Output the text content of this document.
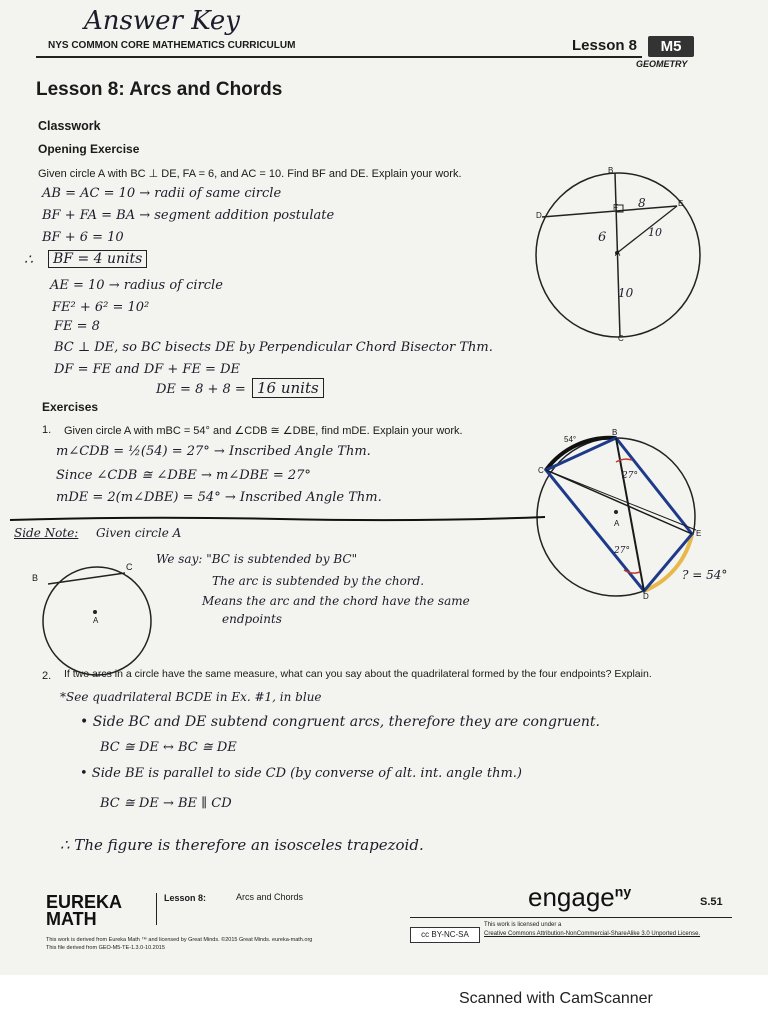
Answer Key
NYS COMMON CORE MATHEMATICS CURRICULUM	Lesson 8	M5
GEOMETRY
Lesson 8: Arcs and Chords
Classwork
Opening Exercise
Given circle A with BC ⊥ DE, FA = 6, and AC = 10. Find BF and DE. Explain your work.
AB = AC = 10 → radii of same circle
BF + FA = BA → segment addition postulate
BF + 6 = 10
∴	BF = 4 units
AE = 10 → radius of circle
FE² + 6² = 10²
FE = 8
BC ⊥ DE, so BC bisects DE by Perpendicular Chord Bisector Thm.
DF = FE and DF + FE = DE
DE = 8 + 8 = 16 units
B
D
F	E
A
C
8
6	10
10
Exercises
1. Given circle A with mBC = 54° and ∠CDB ≅ ∠DBE, find mDE. Explain your work.
m∠CDB = ½(54) = 27° → Inscribed Angle Thm.
Since ∠CDB ≅ ∠DBE → m∠DBE = 27°
mDE = 2(m∠DBE) = 54° → Inscribed Angle Thm.
B
C
A
E
D
54°
27°
27°
? = 54°
Side Note: Given circle A
We say: "BC is subtended by BC"
The arc is subtended by the chord.
Means the arc and the chord have the same
endpoints
B
C
A
2. If two arcs in a circle have the same measure, what can you say about the quadrilateral formed by the four endpoints? Explain.
*See quadrilateral BCDE in Ex. #1, in blue
• Side BC and DE subtend congruent arcs, therefore they are congruent.
BC ≅ DE ↔ BC ≅ DE
• Side BE is parallel to side CD (by converse of alt. int. angle thm.)
BC ≅ DE → BE ∥ CD
∴ The figure is therefore an isosceles trapezoid.
EUREKA
MATH
Lesson 8:	Arcs and Chords	engage$^{ny}$
S.51
This work is derived from Eureka Math ™ and licensed by Great Minds. ©2015 Great Minds. eureka-math.org
This file derived from GEO-M5-TE-1.3.0-10.2015
cc BY-NC-SA
This work is licensed under a
Creative Commons Attribution-NonCommercial-ShareAlike 3.0 Unported License.
Scanned with CamScanner
